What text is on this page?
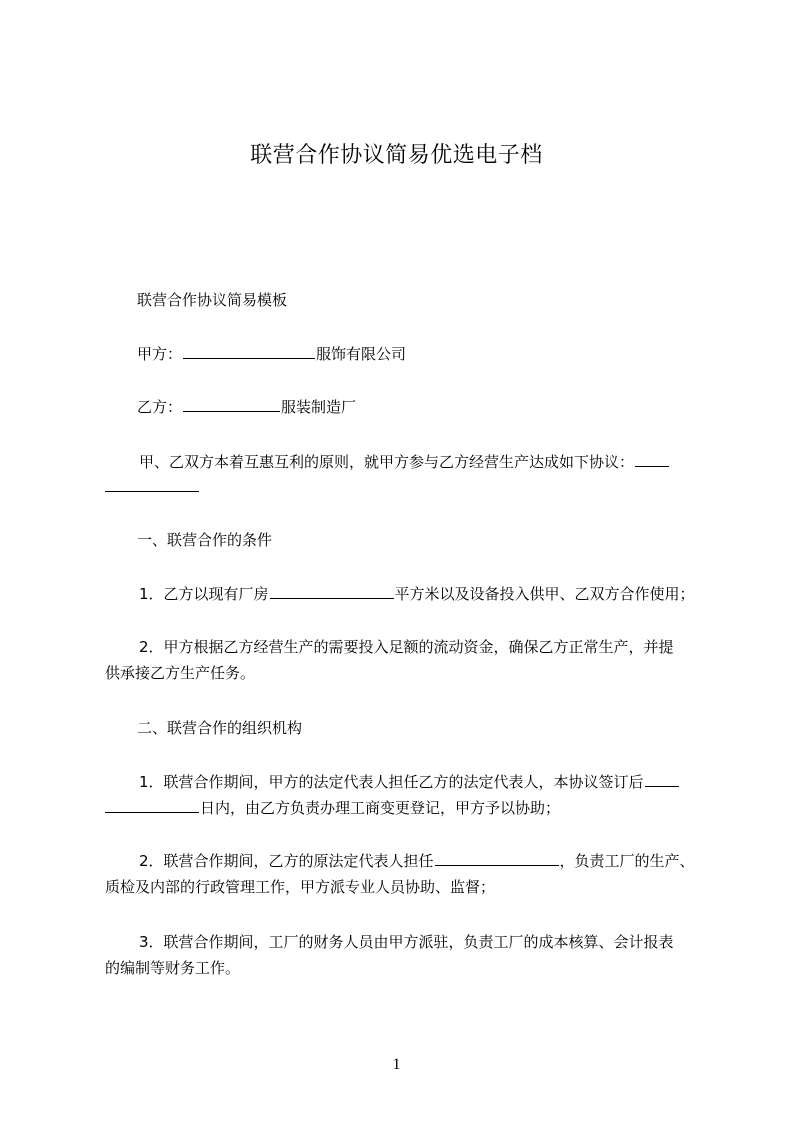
联营合作协议简易优选电子档
联营合作协议简易模板
甲方：	服饰有限公司
乙方：	服装制造厂
甲、乙双方本着互惠互利的原则，就甲方参与乙方经营生产达成如下协议：
一、联营合作的条件
1．乙方以现有厂房	平方米以及设备投入供甲、乙双方合作使用；
2．甲方根据乙方经营生产的需要投入足额的流动资金，确保乙方正常生产，并提
供承接乙方生产任务。
二、联营合作的组织机构
1．联营合作期间，甲方的法定代表人担任乙方的法定代表人，本协议签订后
日内，由乙方负责办理工商变更登记，甲方予以协助；
2．联营合作期间，乙方的原法定代表人担任	，负责工厂的生产、
质检及内部的行政管理工作，甲方派专业人员协助、监督；
3．联营合作期间，工厂的财务人员由甲方派驻，负责工厂的成本核算、会计报表
的编制等财务工作。
1
